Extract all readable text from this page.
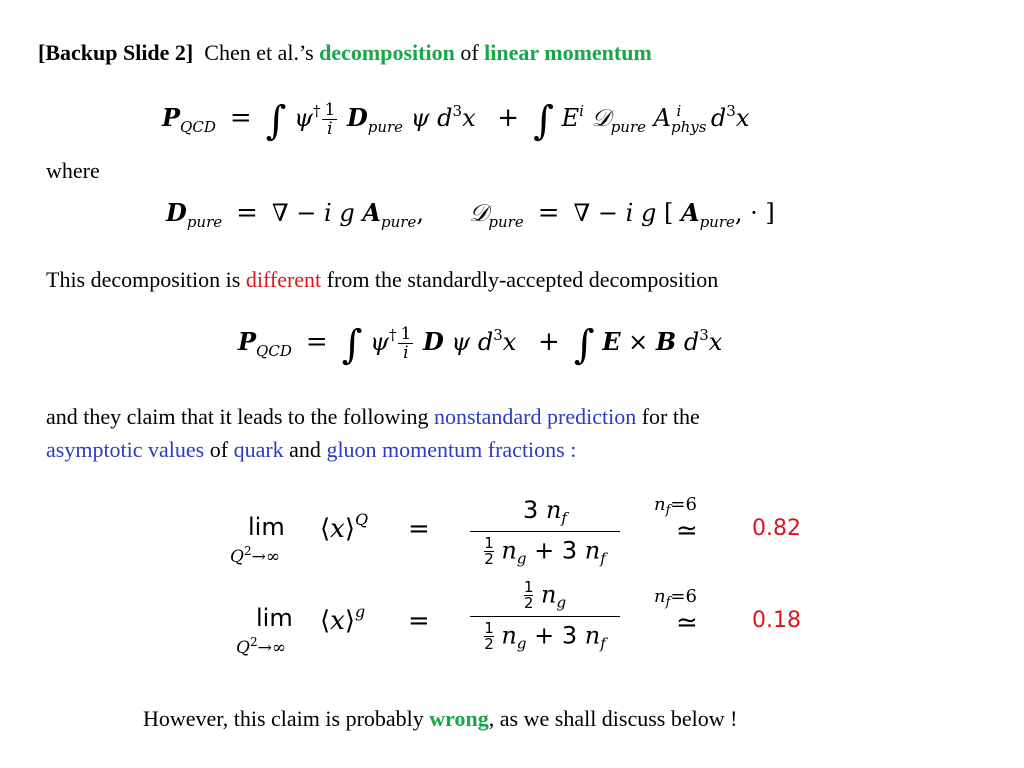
[Backup Slide 2] Chen et al.’s decomposition of linear momentum
$P_{QCD}$ = ∫ $\psi^\dagger \frac{1}{i} D_{pure}$ ψ $d^3x$ + ∫ $E^i$ 𝒟$_{pure}$ $A_{phys}^i$ $d^3x$
where
$D_{pure}$ = ∇ − i g $A_{pure}$,  𝒟$_{pure}$ = ∇ − i g [ $A_{pure}$, · ]
This decomposition is different from the standardly-accepted decomposition
$P_{QCD}$ = ∫ $\psi^\dagger \frac{1}{i}$ D ψ $d^3x$ + ∫ E × B $d^3x$
and they claim that it leads to the following nonstandard prediction for the
asymptotic values of quark and gluon momentum fractions :
lim
$Q^2\to\infty$
⟨x⟩$^Q$ =
3 $n_f$
$\frac{1}{2} n_g + 3$ $n_f$
$n_f=6$
≃ 0.82
lim
$Q^2\to\infty$
⟨x⟩$^g$ =
$\frac{1}{2} n_g$
$\frac{1}{2} n_g + 3$ $n_f$
$n_f=6$
≃ 0.18
However, this claim is probably wrong, as we shall discuss below !
